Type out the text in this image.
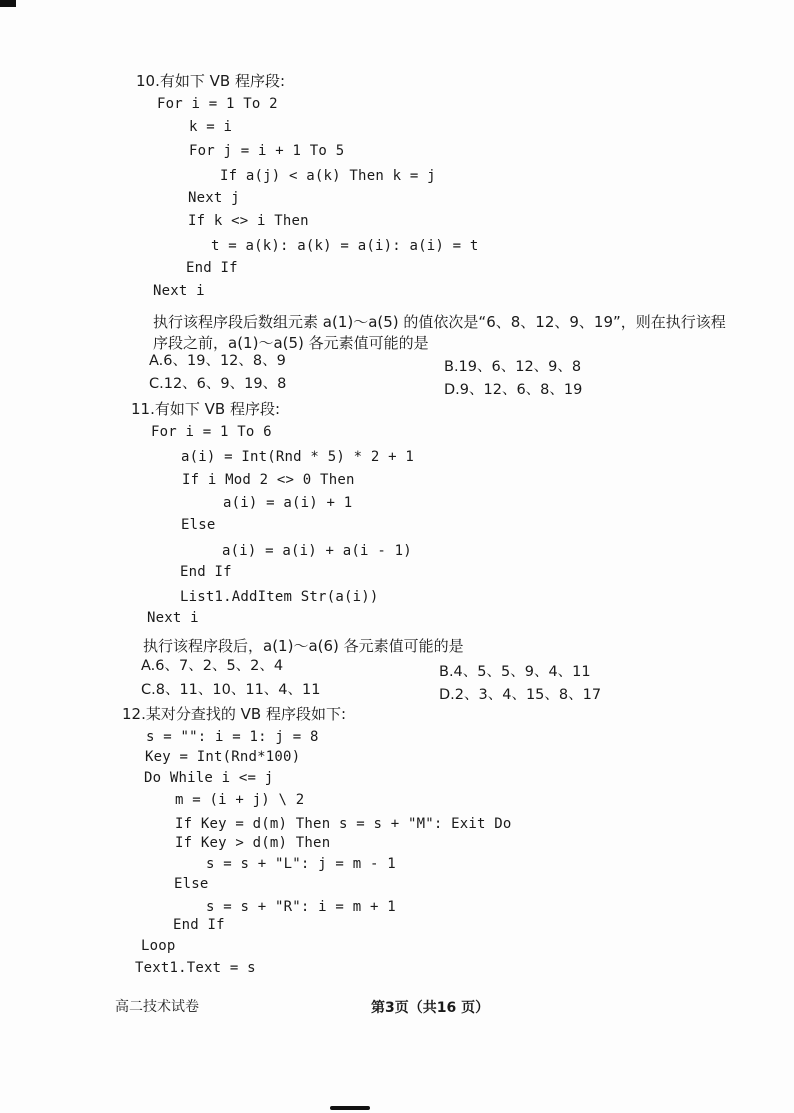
10.有如下 VB 程序段:
For i = 1 To 2
k = i
For j = i + 1 To 5
If a(j) < a(k) Then k = j
Next j
If k <> i Then
t = a(k): a(k) = a(i): a(i) = t
End If
Next i
执行该程序段后数组元素 a(1)～a(5) 的值依次是“6、8、12、9、19”，则在执行该程
序段之前，a(1)～a(5) 各元素值可能的是
A.6、19、12、8、9	B.19、6、12、9、8
C.12、6、9、19、8	D.9、12、6、8、19
11.有如下 VB 程序段:
For i = 1 To 6
a(i) = Int(Rnd * 5) * 2 + 1
If i Mod 2 <> 0 Then
a(i) = a(i) + 1
Else
a(i) = a(i) + a(i - 1)
End If
List1.AddItem Str(a(i))
Next i
执行该程序段后，a(1)～a(6) 各元素值可能的是
A.6、7、2、5、2、4	B.4、5、5、9、4、11
C.8、11、10、11、4、11	D.2、3、4、15、8、17
12.某对分查找的 VB 程序段如下:
s = "": i = 1: j = 8
Key = Int(Rnd*100)
Do While i <= j
m = (i + j) \ 2
If Key = d(m) Then s = s + "M": Exit Do
If Key > d(m) Then
s = s + "L": j = m - 1
Else
s = s + "R": i = m + 1
End If
Loop
Text1.Text = s
高二技术试卷	第3页（共16 页）
